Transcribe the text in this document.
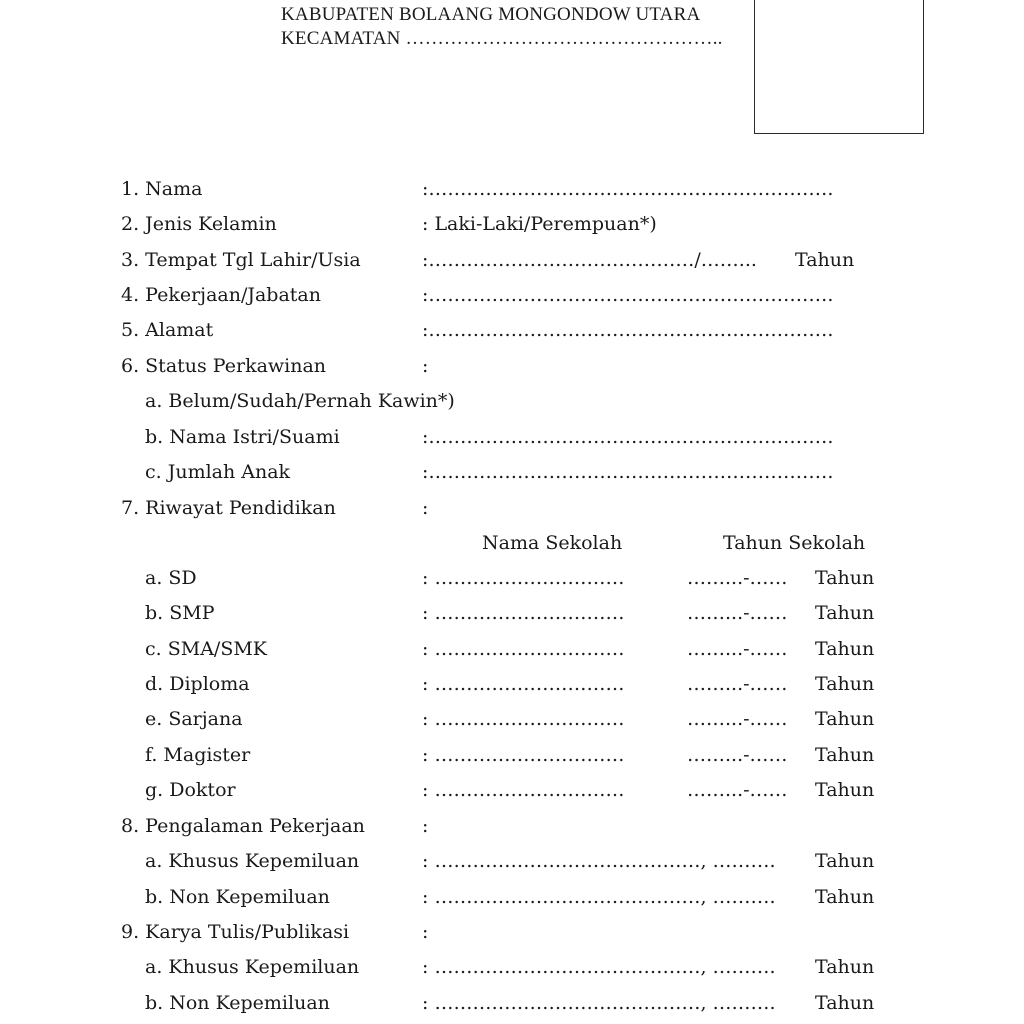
KABUPATEN BOLAANG MONGONDOW UTARA
KECAMATAN …………………………………………..
1. Nama	:……………………………………………………….
2. Jenis Kelamin	: Laki-Laki/Perempuan*)
3. Tempat Tgl Lahir/Usia	:……………………………………/……... Tahun
4. Pekerjaan/Jabatan	:……………………………………………………….
5. Alamat	:……………………………………………………….
6. Status Perkawinan	:
a. Belum/Sudah/Pernah Kawin*)
b. Nama Istri/Suami	:……………………………………………………….
c. Jumlah Anak	:……………………………………………………….
7. Riwayat Pendidikan	:
Nama Sekolah	Tahun Sekolah
a. SD	: …………………………	……...-…… Tahun
b. SMP	: …………………………	……...-…… Tahun
c. SMA/SMK	: …………………………	……...-…… Tahun
d. Diploma	: …………………………	……...-…… Tahun
e. Sarjana	: …………………………	……...-…… Tahun
f. Magister	: …………………………	……...-…… Tahun
g. Doktor	: …………………………	……...-…… Tahun
8. Pengalaman Pekerjaan	:
a. Khusus Kepemiluan	: ……………………………………, ………. Tahun
b. Non Kepemiluan	: ……………………………………, ………. Tahun
9. Karya Tulis/Publikasi	:
a. Khusus Kepemiluan	: ……………………………………, ………. Tahun
b. Non Kepemiluan	: ……………………………………, ………. Tahun
